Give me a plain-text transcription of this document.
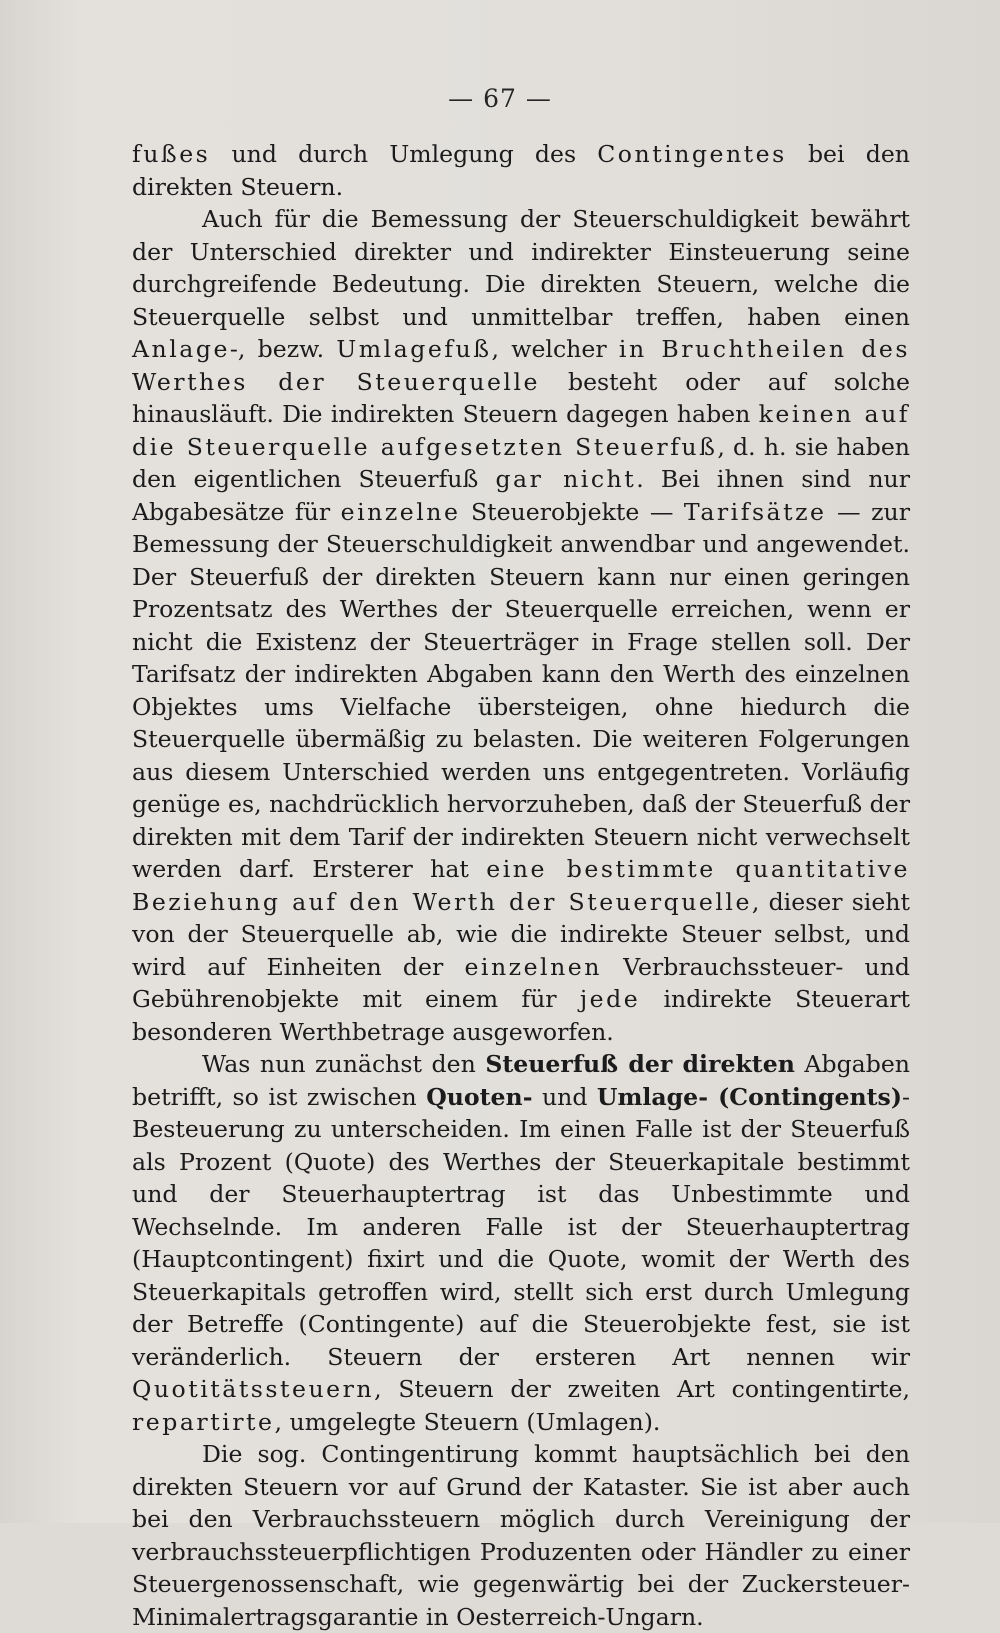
— 67 —

fußes und durch Umlegung des Contingentes bei den direkten Steuern.

Auch für die Bemessung der Steuerschuldigkeit bewährt der Unterschied direkter und indirekter Einsteuerung seine durchgreifende Bedeutung. Die direkten Steuern, welche die Steuerquelle selbst und unmittelbar treffen, haben einen Anlage-, bezw. Umlagefuß, welcher in Bruchtheilen des Werthes der Steuerquelle besteht oder auf solche hinausläuft. Die indirekten Steuern dagegen haben keinen auf die Steuerquelle aufgesetzten Steuerfuß, d. h. sie haben den eigentlichen Steuerfuß gar nicht. Bei ihnen sind nur Abgabesätze für einzelne Steuerobjekte — Tarifsätze — zur Bemessung der Steuerschuldigkeit anwendbar und angewendet. Der Steuerfuß der direkten Steuern kann nur einen geringen Prozentsatz des Werthes der Steuerquelle erreichen, wenn er nicht die Existenz der Steuerträger in Frage stellen soll. Der Tarifsatz der indirekten Abgaben kann den Werth des einzelnen Objektes ums Vielfache übersteigen, ohne hiedurch die Steuerquelle übermäßig zu belasten. Die weiteren Folgerungen aus diesem Unterschied werden uns entgegentreten. Vorläufig genüge es, nachdrücklich hervorzuheben, daß der Steuerfuß der direkten mit dem Tarif der indirekten Steuern nicht verwechselt werden darf. Ersterer hat eine bestimmte quantitative Beziehung auf den Werth der Steuerquelle, dieser sieht von der Steuerquelle ab, wie die indirekte Steuer selbst, und wird auf Einheiten der einzelnen Verbrauchssteuer- und Gebührenobjekte mit einem für jede indirekte Steuerart besonderen Werthbetrage ausgeworfen.

Was nun zunächst den Steuerfuß der direkten Abgaben betrifft, so ist zwischen Quoten- und Umlage- (Contingents)-Besteuerung zu unterscheiden. Im einen Falle ist der Steuerfuß als Prozent (Quote) des Werthes der Steuerkapitale bestimmt und der Steuerhauptertrag ist das Unbestimmte und Wechselnde. Im anderen Falle ist der Steuerhauptertrag (Hauptcontingent) fixirt und die Quote, womit der Werth des Steuerkapitals getroffen wird, stellt sich erst durch Umlegung der Betreffe (Contingente) auf die Steuerobjekte fest, sie ist veränderlich. Steuern der ersteren Art nennen wir Quotitätssteuern, Steuern der zweiten Art contingentirte, repartirte, umgelegte Steuern (Umlagen).

Die sog. Contingentirung kommt hauptsächlich bei den direkten Steuern vor auf Grund der Kataster. Sie ist aber auch bei den Verbrauchssteuern möglich durch Vereinigung der verbrauchssteuerpflichtigen Produzenten oder Händler zu einer Steuergenossenschaft, wie gegenwärtig bei der Zuckersteuer-Minimalertragsgarantie in Oesterreich-Ungarn.
